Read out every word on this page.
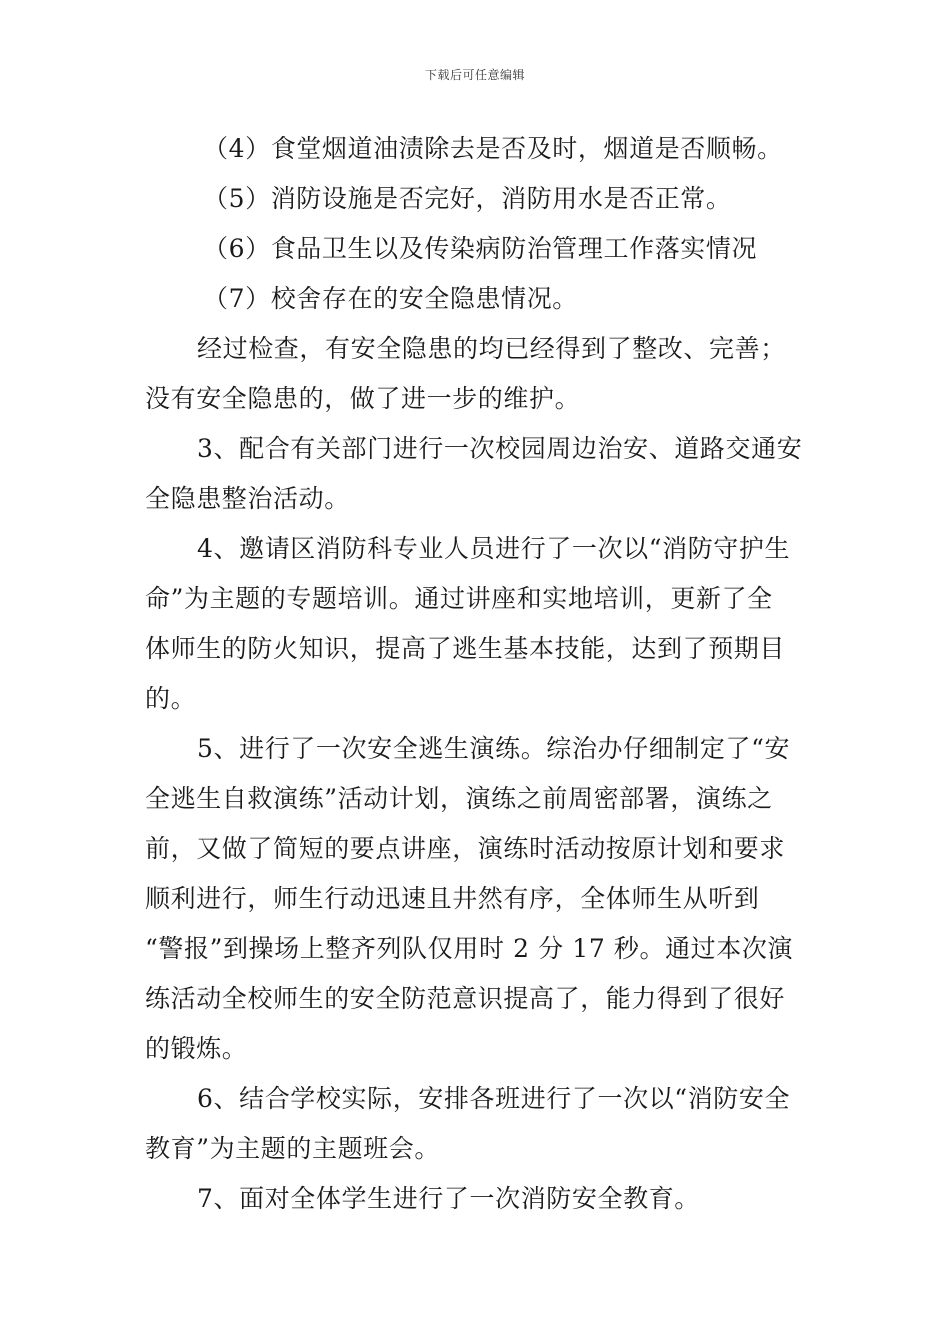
下载后可任意编辑
（4）食堂烟道油渍除去是否及时，烟道是否顺畅。
（5）消防设施是否完好，消防用水是否正常。
（6）食品卫生以及传染病防治管理工作落实情况
（7）校舍存在的安全隐患情况。
经过检查，有安全隐患的均已经得到了整改、完善；
没有安全隐患的，做了进一步的维护。
3、配合有关部门进行一次校园周边治安、道路交通安
全隐患整治活动。
4、邀请区消防科专业人员进行了一次以“消防守护生
命”为主题的专题培训。通过讲座和实地培训，更新了全
体师生的防火知识，提高了逃生基本技能，达到了预期目
的。
5、进行了一次安全逃生演练。综治办仔细制定了“安
全逃生自救演练”活动计划，演练之前周密部署，演练之
前，又做了简短的要点讲座，演练时活动按原计划和要求
顺利进行，师生行动迅速且井然有序，全体师生从听到
“警报”到操场上整齐列队仅用时 2 分 17 秒。通过本次演
练活动全校师生的安全防范意识提高了，能力得到了很好
的锻炼。
6、结合学校实际，安排各班进行了一次以“消防安全
教育”为主题的主题班会。
7、面对全体学生进行了一次消防安全教育。
